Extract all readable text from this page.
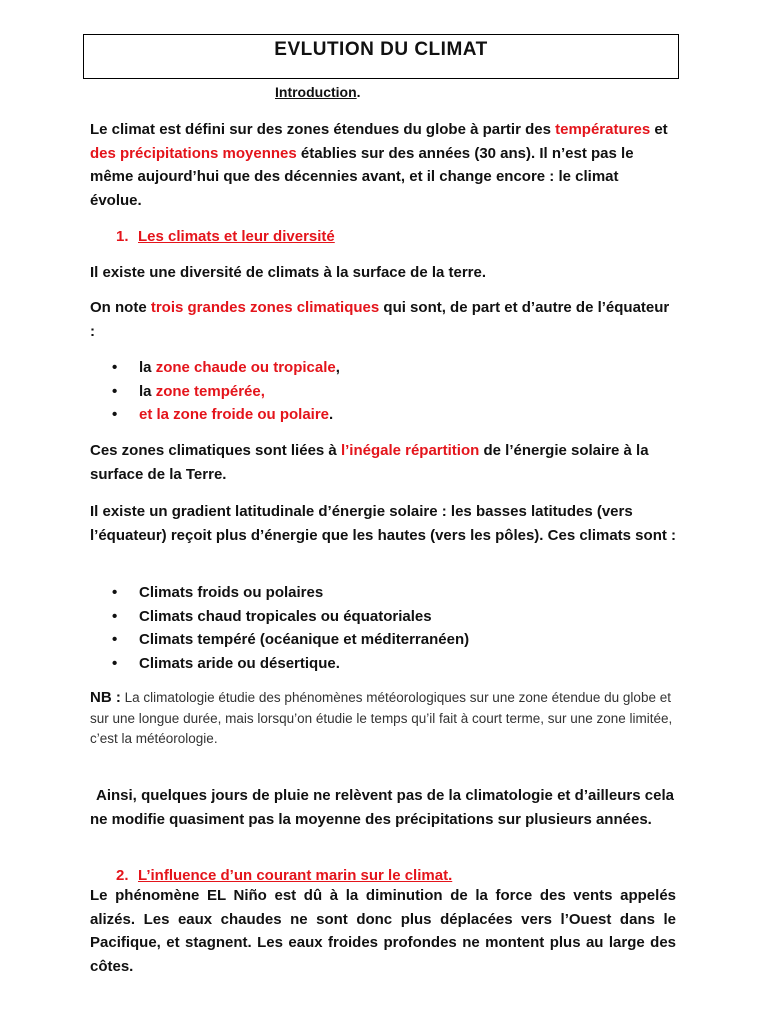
EVLUTION DU CLIMAT
Introduction.
Le climat est défini sur des zones étendues du globe à partir des températures et des précipitations moyennes établies sur des années (30 ans). Il n’est pas le même aujourd’hui que des décennies avant, et il change encore : le climat évolue.
1. Les climats et leur diversité
Il existe une diversité de climats à la surface de la terre.
On note trois grandes zones climatiques qui sont, de part et d’autre de l’équateur :
• la zone chaude ou tropicale,
• la zone tempérée,
• et la zone froide ou polaire.
Ces zones climatiques sont liées à l’inégale répartition de l’énergie solaire à la surface de la Terre.
Il existe un gradient latitudinale d’énergie solaire : les basses latitudes (vers l’équateur) reçoit plus d’énergie que les hautes (vers les pôles). Ces climats sont :
• Climats froids ou polaires
• Climats chaud tropicales ou équatoriales
• Climats tempéré (océanique et méditerranéen)
• Climats aride ou désertique.
NB : La climatologie étudie des phénomènes météorologiques sur une zone étendue du globe et sur une longue durée, mais lorsqu’on étudie le temps qu’il fait à court terme, sur une zone limitée, c’est la météorologie.
Ainsi, quelques jours de pluie ne relèvent pas de la climatologie et d’ailleurs cela ne modifie quasiment pas la moyenne des précipitations sur plusieurs années.
2. L’influence d’un courant marin sur le climat.
Le phénomène EL Niño est dû à la diminution de la force des vents appelés alizés. Les eaux chaudes ne sont donc plus déplacées vers l’Ouest dans le Pacifique, et stagnent. Les eaux froides profondes ne montent plus au large des côtes.
